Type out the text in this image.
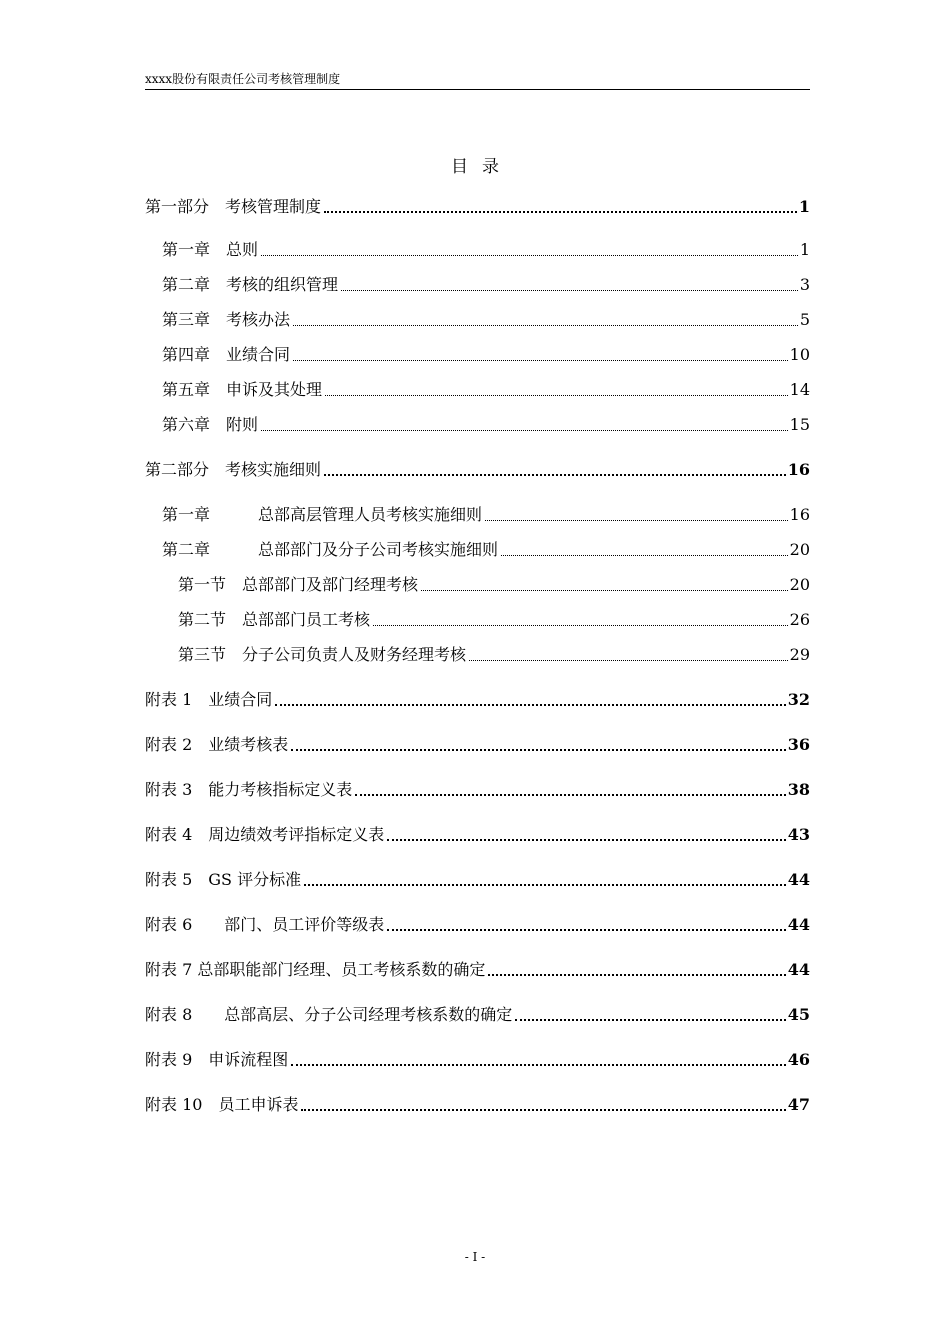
xxxx股份有限责任公司考核管理制度
目录
第一部分　考核管理制度	1
第一章　总则	1
第二章　考核的组织管理	3
第三章　考核办法	5
第四章　业绩合同	10
第五章　申诉及其处理	14
第六章　附则	15
第二部分　考核实施细则	16
第一章　　　总部高层管理人员考核实施细则	16
第二章　　　总部部门及分子公司考核实施细则	20
第一节　总部部门及部门经理考核	20
第二节　总部部门员工考核	26
第三节　分子公司负责人及财务经理考核	29
附表 1　业绩合同	32
附表 2　业绩考核表	36
附表 3　能力考核指标定义表	38
附表 4　周边绩效考评指标定义表	43
附表 5　GS 评分标准	44
附表 6　　部门、员工评价等级表	44
附表 7 总部职能部门经理、员工考核系数的确定	44
附表 8　　总部高层、分子公司经理考核系数的确定	45
附表 9　申诉流程图	46
附表 10　员工申诉表	47
- I -
